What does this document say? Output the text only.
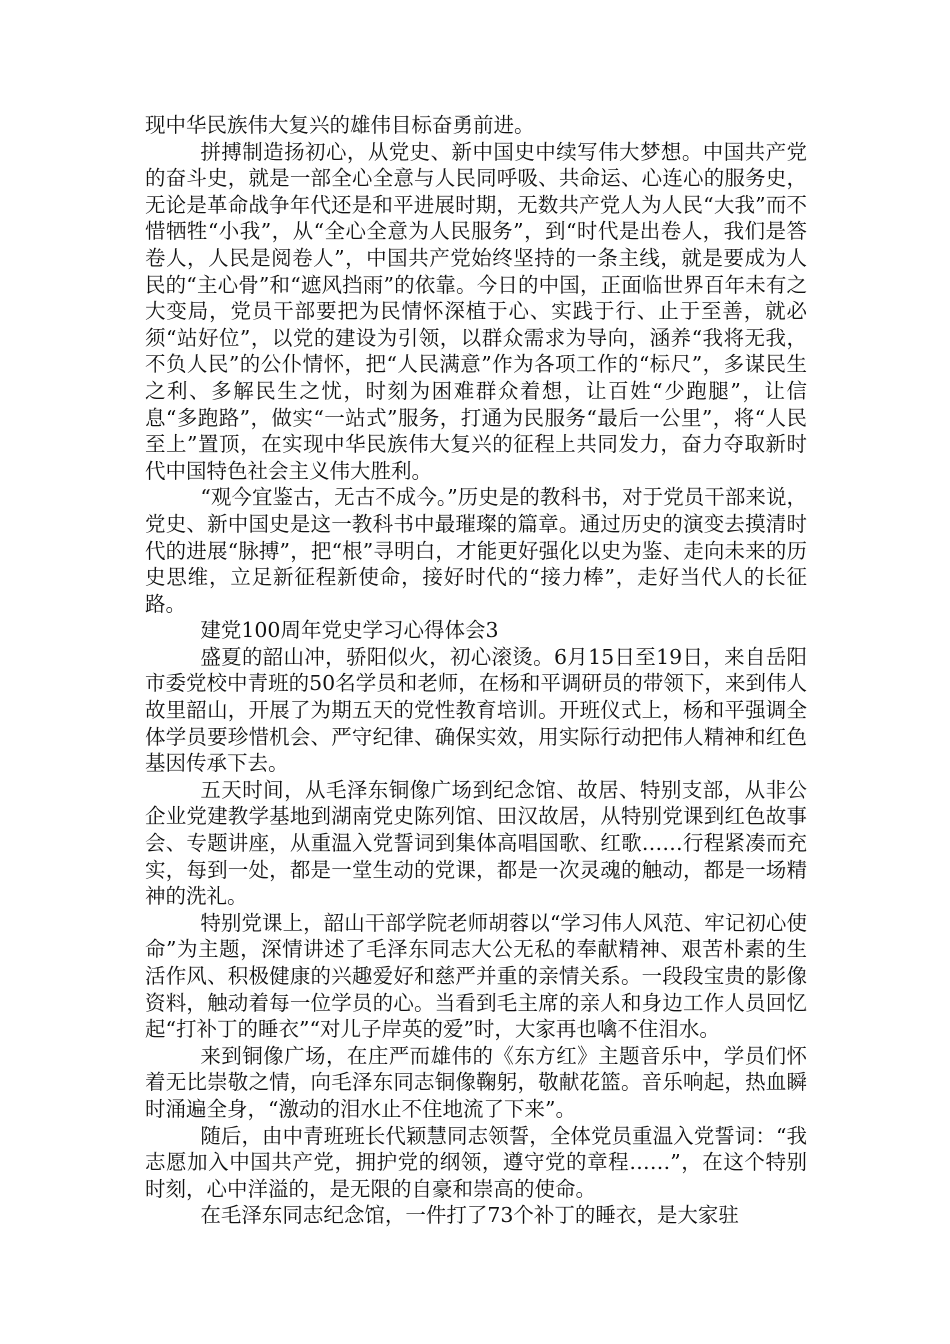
现中华民族伟大复兴的雄伟目标奋勇前进。

拼搏制造扬初心，从党史、新中国史中续写伟大梦想。中国共产党的奋斗史，就是一部全心全意与人民同呼吸、共命运、心连心的服务史，无论是革命战争年代还是和平进展时期，无数共产党人为人民“大我”而不惜牺牲“小我”，从“全心全意为人民服务”，到“时代是出卷人，我们是答卷人，人民是阅卷人”，中国共产党始终坚持的一条主线，就是要成为人民的“主心骨”和“遮风挡雨”的依靠。今日的中国，正面临世界百年未有之大变局，党员干部要把为民情怀深植于心、实践于行、止于至善，就必须“站好位”，以党的建设为引领，以群众需求为导向，涵养“我将无我，不负人民”的公仆情怀，把“人民满意”作为各项工作的“标尺”，多谋民生之利、多解民生之忧，时刻为困难群众着想，让百姓“少跑腿”，让信息“多跑路”，做实“一站式”服务，打通为民服务“最后一公里”，将“人民至上”置顶，在实现中华民族伟大复兴的征程上共同发力，奋力夺取新时代中国特色社会主义伟大胜利。

“观今宜鉴古，无古不成今。”历史是的教科书，对于党员干部来说，党史、新中国史是这一教科书中最璀璨的篇章。通过历史的演变去摸清时代的进展“脉搏”，把“根”寻明白，才能更好强化以史为鉴、走向未来的历史思维，立足新征程新使命，接好时代的“接力棒”，走好当代人的长征路。

建党100周年党史学习心得体会3

盛夏的韶山冲，骄阳似火，初心滚烫。6月15日至19日，来自岳阳市委党校中青班的50名学员和老师，在杨和平调研员的带领下，来到伟人故里韶山，开展了为期五天的党性教育培训。开班仪式上，杨和平强调全体学员要珍惜机会、严守纪律、确保实效，用实际行动把伟人精神和红色基因传承下去。

五天时间，从毛泽东铜像广场到纪念馆、故居、特别支部，从非公企业党建教学基地到湖南党史陈列馆、田汉故居，从特别党课到红色故事会、专题讲座，从重温入党誓词到集体高唱国歌、红歌……行程紧凑而充实，每到一处，都是一堂生动的党课，都是一次灵魂的触动，都是一场精神的洗礼。

特别党课上，韶山干部学院老师胡蓉以“学习伟人风范、牢记初心使命”为主题，深情讲述了毛泽东同志大公无私的奉献精神、艰苦朴素的生活作风、积极健康的兴趣爱好和慈严并重的亲情关系。一段段宝贵的影像资料，触动着每一位学员的心。当看到毛主席的亲人和身边工作人员回忆起“打补丁的睡衣”“对儿子岸英的爱”时，大家再也噙不住泪水。

来到铜像广场，在庄严而雄伟的《东方红》主题音乐中，学员们怀着无比崇敬之情，向毛泽东同志铜像鞠躬，敬献花篮。音乐响起，热血瞬时涌遍全身，“激动的泪水止不住地流了下来”。

随后，由中青班班长代颖慧同志领誓，全体党员重温入党誓词：“我志愿加入中国共产党，拥护党的纲领，遵守党的章程……”，在这个特别时刻，心中洋溢的，是无限的自豪和崇高的使命。

在毛泽东同志纪念馆，一件打了73个补丁的睡衣，是大家驻
